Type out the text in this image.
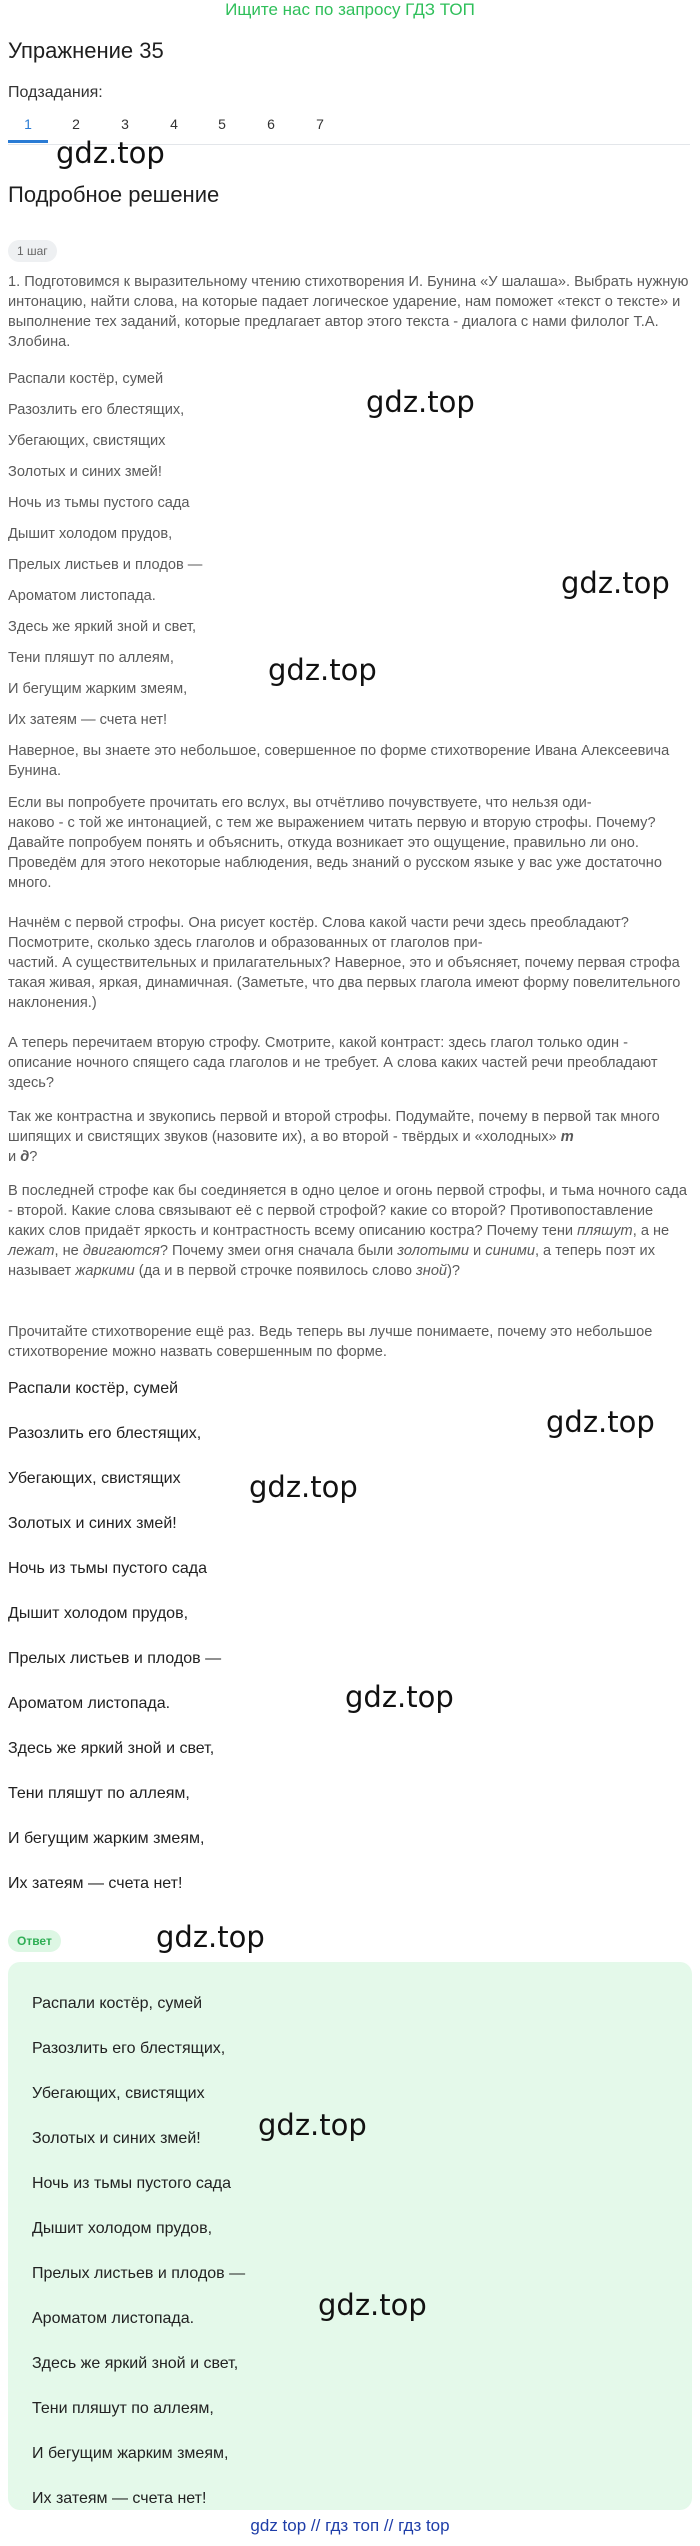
Ищите нас по запросу ГДЗ ТОП
Упражнение 35
Подзадания:
1	2	3	4	5	6	7
gdz.top
Подробное решение
1 шаг
1. Подготовимся к выразительному чтению стихотворения И. Бунина «У шалаша». Выбрать нужную интонацию, найти слова, на которые падает логическое ударение, нам поможет «текст о тексте» и выполнение тех заданий, которые предлагает автор этого текста - диалога с нами филолог Т.А. Злобина.
Распали костёр, сумей
Разозлить его блестящих,
Убегающих, свистящих
Золотых и синих змей!
Ночь из тьмы пустого сада
Дышит холодом прудов,
Прелых листьев и плодов —
Ароматом листопада.
Здесь же яркий зной и свет,
Тени пляшут по аллеям,
И бегущим жарким змеям,
Их затеям — счета нет!
gdz.top
gdz.top
gdz.top
Наверное, вы знаете это небольшое, совершенное по форме стихотворение Ивана Алексеевича Бунина.
Если вы попробуете прочитать его вслух, вы отчётливо почувствуете, что нельзя оди-
наково - с той же интонацией, с тем же выражением читать первую и вторую строфы. Почему? Давайте попробуем понять и объяснить, откуда возникает это ощущение, правильно ли оно. Проведём для этого некоторые наблюдения, ведь знаний о русском языке у вас уже достаточно много.
Начнём с первой строфы. Она рисует костёр. Слова какой части речи здесь преобладают? Посмотрите, сколько здесь глаголов и образованных от глаголов при-
частий. А существительных и прилагательных? Наверное, это и объясняет, почему первая строфа такая живая, яркая, динамичная. (Заметьте, что два первых глагола имеют форму повелительного наклонения.)
А теперь перечитаем вторую строфу. Смотрите, какой контраст: здесь глагол только один - описание ночного спящего сада глаголов и не требует. А слова каких частей речи преобладают здесь?
Так же контрастна и звукопись первой и второй строфы. Подумайте, почему в первой так много шипящих и свистящих звуков (назовите их), а во второй - твёрдых и «холодных» т
и д?
В последней строфе как бы соединяется в одно целое и огонь первой строфы, и тьма ночного сада - второй. Какие слова связывают её с первой строфой? какие со второй? Противопоставление каких слов придаёт яркость и контрастность всему описанию костра? Почему тени пляшут, а не лежат, не двигаются? Почему змеи огня сначала были золотыми и синими, а теперь поэт их называет жаркими (да и в первой строчке появилось слово зной)?
Прочитайте стихотворение ещё раз. Ведь теперь вы лучше понимаете, почему это небольшое стихотворение можно назвать совершенным по форме.
Распали костёр, сумей
Разозлить его блестящих,
Убегающих, свистящих
Золотых и синих змей!
Ночь из тьмы пустого сада
Дышит холодом прудов,
Прелых листьев и плодов —
Ароматом листопада.
Здесь же яркий зной и свет,
Тени пляшут по аллеям,
И бегущим жарким змеям,
Их затеям — счета нет!
gdz.top
gdz.top
gdz.top
Ответ	gdz.top
Распали костёр, сумей
Разозлить его блестящих,
Убегающих, свистящих
Золотых и синих змей!
Ночь из тьмы пустого сада
Дышит холодом прудов,
Прелых листьев и плодов —
Ароматом листопада.
Здесь же яркий зной и свет,
Тени пляшут по аллеям,
И бегущим жарким змеям,
Их затеям — счета нет!
gdz.top
gdz.top
gdz top // гдз топ // гдз top
